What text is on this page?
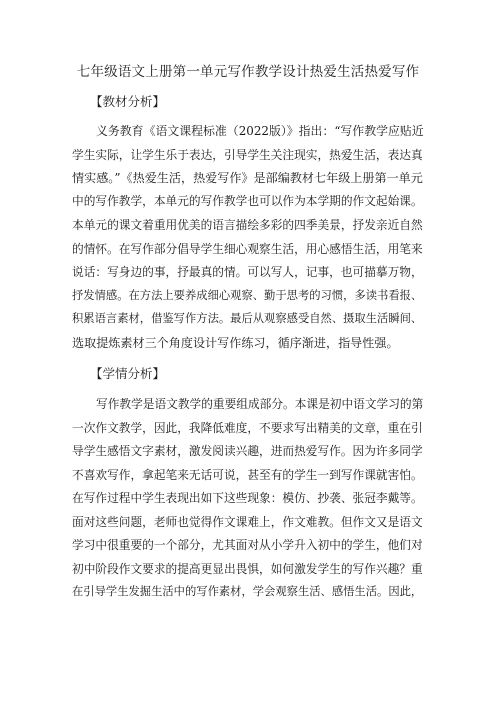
七年级语文上册第一单元写作教学设计热爱生活热爱写作
【教材分析】
义务教育《语文课程标准（2022版）》指出：“写作教学应贴近
学生实际，让学生乐于表达，引导学生关注现实，热爱生活，表达真
情实感。”《热爱生活，热爱写作》是部编教材七年级上册第一单元
中的写作教学，本单元的写作教学也可以作为本学期的作文起始课。
本单元的课文着重用优美的语言描绘多彩的四季美景，抒发亲近自然
的情怀。在写作部分倡导学生细心观察生活，用心感悟生活，用笔来
说话：写身边的事，抒最真的情。可以写人，记事，也可描摹万物，
抒发情感。在方法上要养成细心观察、勤于思考的习惯，多读书看报、
积累语言素材，借鉴写作方法。最后从观察感受自然、摄取生活瞬间、
选取提炼素材三个角度设计写作练习，循序渐进，指导性强。
【学情分析】
写作教学是语文教学的重要组成部分。本课是初中语文学习的第
一次作文教学，因此，我降低难度，不要求写出精美的文章，重在引
导学生感悟文字素材，激发阅读兴趣，进而热爱写作。因为许多同学
不喜欢写作，拿起笔来无话可说，甚至有的学生一到写作课就害怕。
在写作过程中学生表现出如下这些现象：模仿、抄袭、张冠李戴等。
面对这些问题，老师也觉得作文课难上，作文难教。但作文又是语文
学习中很重要的一个部分，尤其面对从小学升入初中的学生，他们对
初中阶段作文要求的提高更显出畏惧，如何激发学生的写作兴趣？重
在引导学生发掘生活中的写作素材，学会观察生活、感悟生活。因此，
